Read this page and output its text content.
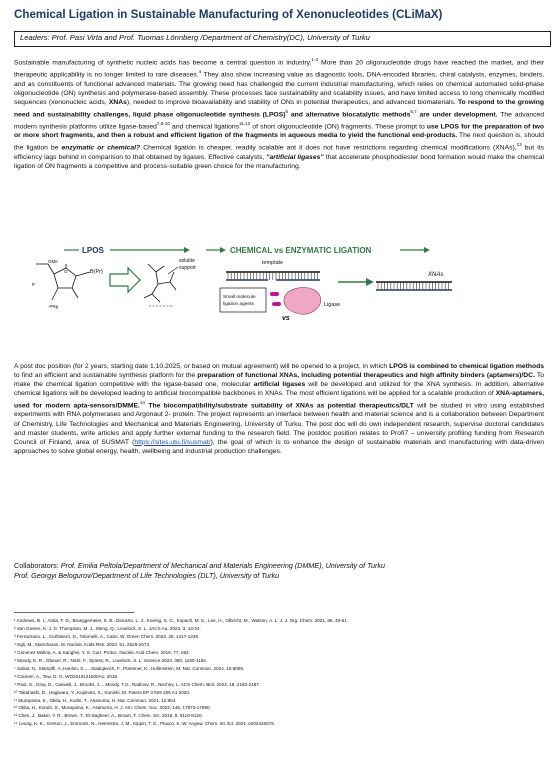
Chemical Ligation in Sustainable Manufacturing of Xenonucleotides (CLiMaX)
Leaders: Prof. Pasi Virta and Prof. Tuomas Lönnberg /Department of Chemistry(DC), University of Turku
Sustainable manufacturing of synthetic nucleic acids has become a central question in industry.$^{1-3}$ More than 20 oligonucleotide drugs have reached the market, and their therapeutic applicability is no longer limited to rare diseases.$^4$ They also show increasing value as diagnostic tools, DNA-encoded libraries, chiral catalysts, enzymes, binders, and as constituents of functional advanced materials. The growing need has challenged the current industrial manufacturing, which relies on chemical automated solid-phase oligonucleotide (ON) synthesis and polymerase-based assembly. These processes face sustainability and scalability issues, and have limited access to long chemically modified sequences (xenonucleic acids, XNAs), needed to improve bioavailability and stability of ONs in potential therapeutics, and advanced biomaterials. To respond to the growing need and sustainability challenges, liquid phase oligonucleotide synthesis (LPOS)$^5$ and alternative biocatalytic methods$^{6,7}$ are under development. The advanced modern synthesis platforms utilize ligase-based$^{7,8-10}$ and chemical ligations$^{11,12}$ of short oligonucleotide (ON) fragments. These prompt to use LPOS for the preparation of two or more short fragments, and then a robust and efficient ligation of the fragments in aqueous media to yield the functional end-products. The next question is, should the ligation be enzymatic or chemical? Chemical ligation is cheaper, readily scalable ant it does not have restrictions regarding chemical modifications (XNAs),$^{13}$ but its efficiency lags behind in comparison to that obtained by ligases. Effective catalysts, "artificial ligases" that accelerate phosphodiester bond formation would make the chemical ligation of ON fragments a competitive and process-suitable green choice for the manufacturing.
LPOS
OMe
B(Pr)
O
-PRp
P
soluble
support
CHEMICAL vs ENZYMATIC LIGATION
template
Small molecule
ligation agents
vs
Ligase
XNAs
A post doc position (for 2 years, starting date 1.10.2025, or based on mutual agreement) will be opened to a project, in which LPOS is combined to chemical ligation methods to find an efficient and sustainable synthesis platform for the preparation of functional XNAs, including potential therapeutics and high affinity binders (aptamers)/DC. To make the chemical ligation competitive with the ligase-based one, molecular artificial ligases will be developed and utilized for the XNA synthesis. In addition, alternative chemical ligations will be developed leading to artificial biocompatible backbones in XNAs. The most efficient ligations will be applied for a scalable production of XNA-aptamers, used for modern apta-sensors/DMME.$^{14}$ The biocompatibility/substrate suitability of XNAs as potential therapeutics/DLT will be studied in vitro using established experiments with RNA polymerases and Argonaut 2- protein. The project represents an interface between health and material science and is a collaboration between Department of Chemistry, Life Technologies and Mechanical and Materials Engineering, University of Turku. The post doc will do own independent research, supervise doctoral candidates and master students, write articles and apply further external funding to the research field. The postdoc position relates to Profi7 – university profiling funding from Research Council of Finland, area of SUSMAT (https://sites.utu.fi/susmat/), the goal of which is to enhance the design of sustainable materials and manufacturing with data-driven approaches to solve global energy, health, wellbeing and industrial production challenges.
Collaborators: Prof. Emilia Peltola/Department of Mechanical and Materials Engineering (DMME), University of Turku
Prof. Georgyi Belogurov/Department of Life Technologies (DLT), University of Turku
¹ Andrews, B. I., Antia, F. D., Brueggemeier, S. B., Diorazio, L. J., Koenig, S. G., Kopach, M. E., Lee, H., Olbricht, M., Watson, A. L. J. J. Org. Chem. 2021, 86, 49-61.
² Van Giesen, K. J. D. Thompson, M. J., Meng, Q., Lovelock, S. L. JACS Au, 2023, 3, 13-24.
³ Ferrazzano, L., Corbisiero, D., Tolomelli, A., Cabri, W. Green Chem. 2023, 25, 1217-1236.
⁴ Egli, M., Manoharan, M. Nucleic Acids Res. 2023, 51, 2529-2573.
⁵ Gimenez Molina, A. & Sanghvi, Y. S. Curr. Protoc. Nucleic Acid Chem. 2019, 77, e82.
⁶ Moody, E. R., Obexer, R., Nickl, F., Spiess, R., Lovelock, S. L. Science 2023, 380, 1150-1154.
⁷ Sabat, N., Stämpfli, A.,Hanlon, S.,....Sladojevich, F., Püntener, K., Hollenstein, M. Nat. Commun. 2024, 15:8009.
⁸ Crameri, A., Tew, D. G. WO2019121500A1, 2019.
⁹ Paul, S., Gray, D., Caswell, J., Brooks, J.,...Moody, T.S., Radinov, R., Nechev, L. ACS Chem. Biol. 2023, 18, 2183-2187.
¹⁰ Takahashi, D., Hagiwara, Y., Kajimoto, S., Kunishi, M. Patent EP 3 929 205 A1 2020.
¹¹ Murayama, K., Okita, H., Kuriki, T., Asanuma, H. Nat. Commun. 2021, 12:804.
¹² Okita, H., Kondo, S., Murayama, K., Asanuma, H. J. Am. Chem. Soc. 2023, 145, 17872-17880.
¹³ Chen, J., Baker, Y. R., Brown, T., El-Sagheer, A., Brown, T. Chem. Sci. 2018, 9, 8110-8120.
¹⁴ Leung, K. K., Gerson, J., Emmons, N., Heemstra, J. M., Kippin, T. E., Plaxco, K. W. Angew. Chem. Int. Ed. 2024, e202316678.
